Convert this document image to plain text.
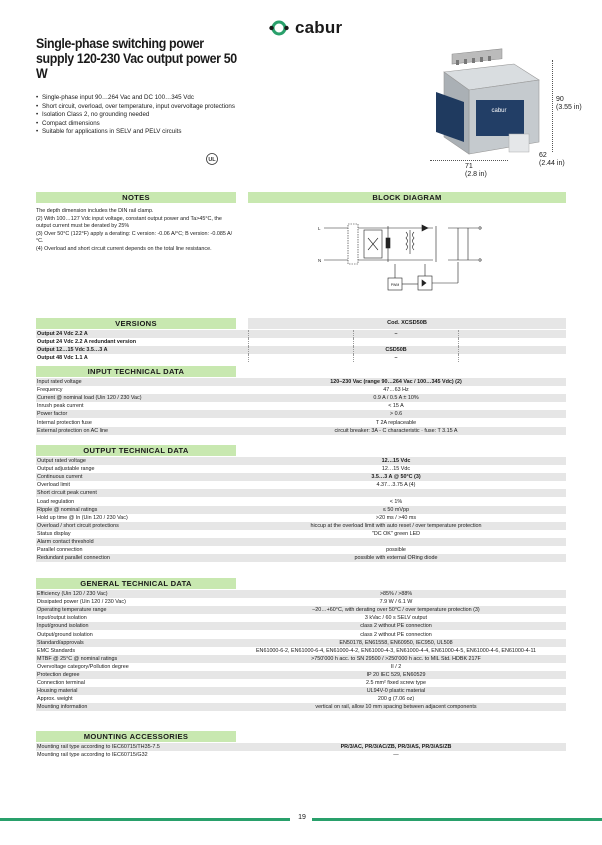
cabur
Single-phase switching power supply 120-230 Vac output power 50 W
• Single-phase input 90…264 Vac and DC 100…345 Vdc
• Short circuit, overload, over temperature, input overvoltage protections
• Isolation Class 2, no grounding needed
• Compact dimensions
• Suitable for applications in SELV and PELV circuits
UL
cabur
90
(3.55 in)
62
(2.44 in)
71
(2.8 in)
NOTES	BLOCK DIAGRAM
The depth dimension includes the DIN rail clamp.
(2) With 100…127 Vdc input voltage, constant output power and Ta>45°C, the output current must be derated by 25%
(3) Over 50°C (122°F) apply a derating: C version: -0.06 A/°C; B version: -0.085 A/°C.
(4) Overload and short circuit current depends on the total line resistance.
L
N
PWM
VERSIONS	Cod. XCSD50B
Output 24 Vdc 2.2 A	–
Output 24 Vdc 2.2 A redundant version
Output 12…15 Vdc 3.5…3 A	CSD50B
Output 48 Vdc 1.1 A	–
INPUT TECHNICAL DATA
Input rated voltage	120–230 Vac (range 90…264 Vac / 100…345 Vdc) (2)
Frequency	47…63 Hz
Current @ nominal load (Uin 120 / 230 Vac)	0.9 A / 0.5 A ± 10%
Inrush peak current	< 15 A
Power factor	> 0.6
Internal protection fuse	T 2A replaceable
External protection on AC line	circuit breaker: 3A - C characteristic · fuse: T 3.15 A
OUTPUT TECHNICAL DATA
Output rated voltage	12…15 Vdc
Output adjustable range	12…15 Vdc
Continuous current	3.5…3 A @ 50°C (3)
Overload limit	4.37…3.75 A (4)
Short circuit peak current
Load regulation	< 1%
Ripple @ nominal ratings	≤ 50 mVpp
Hold up time @ In (Uin 120 / 230 Vac)	>20 ms / >40 ms
Overload / short circuit protections	hiccup at the overload limit with auto reset / over temperature protection
Status display	"DC OK" green LED
Alarm contact threshold
Parallel connection	possible
Redundant parallel connection	possible with external ORing diode
GENERAL TECHNICAL DATA
Efficiency (Uin 120 / 230 Vac)	>85% / >88%
Dissipated power (Uin 120 / 230 Vac)	7.9 W / 6.1 W
Operating temperature range	–20…+60°C, with derating over 50°C / over temperature protection (3)
Input/output isolation	3 kVac / 60 s SELV output
Input/ground isolation	class 2 without PE connection
Output/ground isolation	class 2 without PE connection
Standard/approvals	EN50178, EN61558, EN60950, IEC950, UL508
EMC Standards	EN61000-6-2, EN61000-6-4, EN61000-4-2, EN61000-4-3, EN61000-4-4, EN61000-4-5, EN61000-4-6, EN61000-4-11
MTBF @ 25°C @ nominal ratings	>750'000 h acc. to SN 29500 / >250'000 h acc. to MIL Std. HDBK 217F
Overvoltage category/Pollution degree	II / 2
Protection degree	IP 20 IEC 529, EN60529
Connection terminal	2.5 mm² fixed screw type
Housing material	UL94V-0 plastic material
Approx. weight	200 g (7.06 oz)
Mounting information	vertical on rail, allow 10 mm spacing between adjacent components
MOUNTING ACCESSORIES
Mounting rail type according to IEC60715/TH35-7.5	PR/3/AC, PR/3/AC/ZB, PR/3/AS, PR/3/AS/ZB
Mounting rail type according to IEC60715/G32	—
19
